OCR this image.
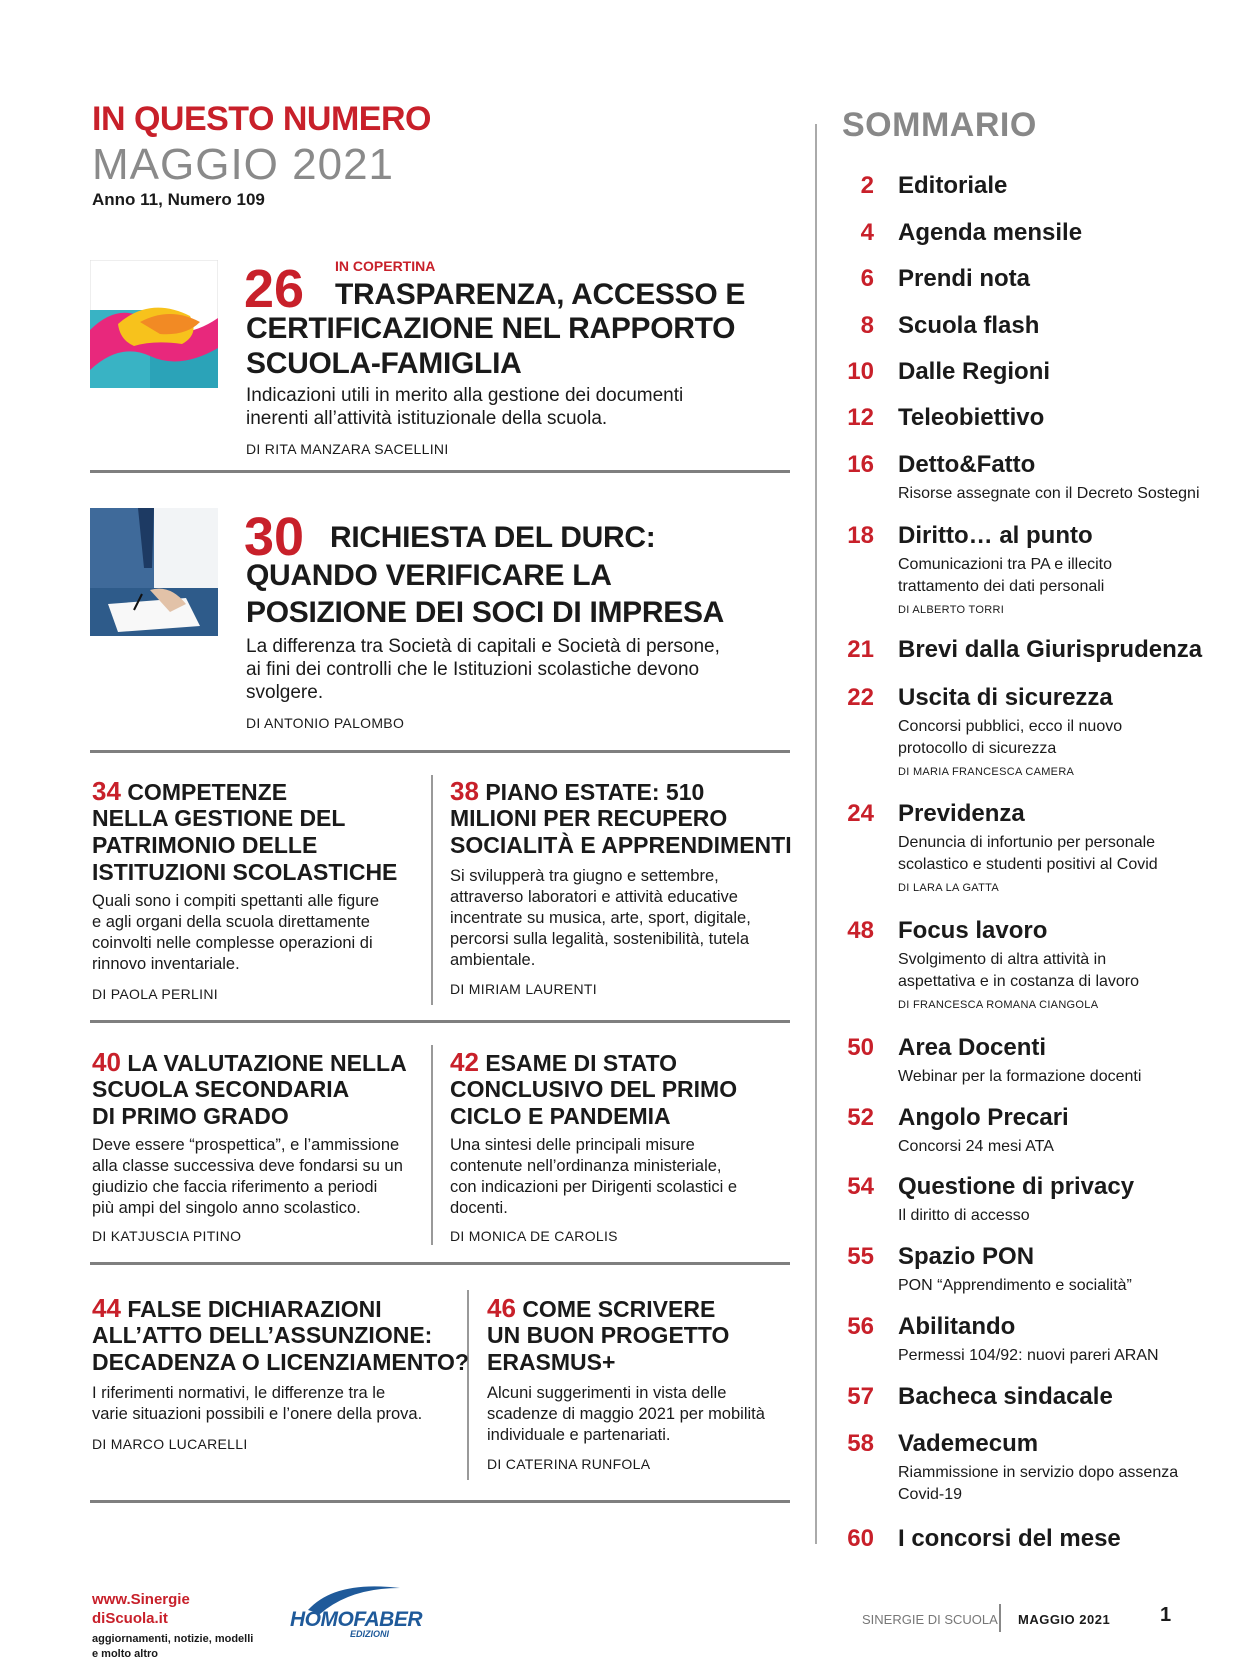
IN QUESTO NUMERO
MAGGIO 2021
Anno 11, Numero 109
26 IN COPERTINA
TRASPARENZA, ACCESSO E
CERTIFICAZIONE NEL RAPPORTO
SCUOLA-FAMIGLIA
Indicazioni utili in merito alla gestione dei documenti
inerenti all’attività istituzionale della scuola.
DI RITA MANZARA SACELLINI
30 RICHIESTA DEL DURC:
QUANDO VERIFICARE LA
POSIZIONE DEI SOCI DI IMPRESA
La differenza tra Società di capitali e Società di persone,
ai fini dei controlli che le Istituzioni scolastiche devono
svolgere.
DI ANTONIO PALOMBO
34 COMPETENZE
NELLA GESTIONE DEL
PATRIMONIO DELLE
ISTITUZIONI SCOLASTICHE
Quali sono i compiti spettanti alle figure
e agli organi della scuola direttamente
coinvolti nelle complesse operazioni di
rinnovo inventariale.
DI PAOLA PERLINI
38 PIANO ESTATE: 510
MILIONI PER RECUPERO
SOCIALITÀ E APPRENDIMENTI
Si svilupperà tra giugno e settembre,
attraverso laboratori e attività educative
incentrate su musica, arte, sport, digitale,
percorsi sulla legalità, sostenibilità, tutela
ambientale.
DI MIRIAM LAURENTI
40 LA VALUTAZIONE NELLA
SCUOLA SECONDARIA
DI PRIMO GRADO
Deve essere “prospettica”, e l’ammissione
alla classe successiva deve fondarsi su un
giudizio che faccia riferimento a periodi
più ampi del singolo anno scolastico.
DI KATJUSCIA PITINO
42 ESAME DI STATO
CONCLUSIVO DEL PRIMO
CICLO E PANDEMIA
Una sintesi delle principali misure
contenute nell’ordinanza ministeriale,
con indicazioni per Dirigenti scolastici e
docenti.
DI MONICA DE CAROLIS
44 FALSE DICHIARAZIONI
ALL’ATTO DELL’ASSUNZIONE:
DECADENZA O LICENZIAMENTO?
I riferimenti normativi, le differenze tra le
varie situazioni possibili e l’onere della prova.
DI MARCO LUCARELLI
46 COME SCRIVERE
UN BUON PROGETTO
ERASMUS+
Alcuni suggerimenti in vista delle
scadenze di maggio 2021 per mobilità
individuale e partenariati.
DI CATERINA RUNFOLA
SOMMARIO
2 Editoriale
4 Agenda mensile
6 Prendi nota
8 Scuola flash
10 Dalle Regioni
12 Teleobiettivo
16 Detto&Fatto
Risorse assegnate con il Decreto Sostegni
18 Diritto… al punto
Comunicazioni tra PA e illecito
trattamento dei dati personali
DI ALBERTO TORRI
21 Brevi dalla Giurisprudenza
22 Uscita di sicurezza
Concorsi pubblici, ecco il nuovo
protocollo di sicurezza
DI MARIA FRANCESCA CAMERA
24 Previdenza
Denuncia di infortunio per personale
scolastico e studenti positivi al Covid
DI LARA LA GATTA
48 Focus lavoro
Svolgimento di altra attività in
aspettativa e in costanza di lavoro
DI FRANCESCA ROMANA CIANGOLA
50 Area Docenti
Webinar per la formazione docenti
52 Angolo Precari
Concorsi 24 mesi ATA
54 Questione di privacy
Il diritto di accesso
55 Spazio PON
PON “Apprendimento e socialità”
56 Abilitando
Permessi 104/92: nuovi pareri ARAN
57 Bacheca sindacale
58 Vademecum
Riammissione in servizio dopo assenza
Covid-19
60 I concorsi del mese
www.Sinergie
diScuola.it
aggiornamenti, notizie, modelli
e molto altro
HOMOFABER
EDIZIONI
SINERGIE DI SCUOLA MAGGIO 2021 1
